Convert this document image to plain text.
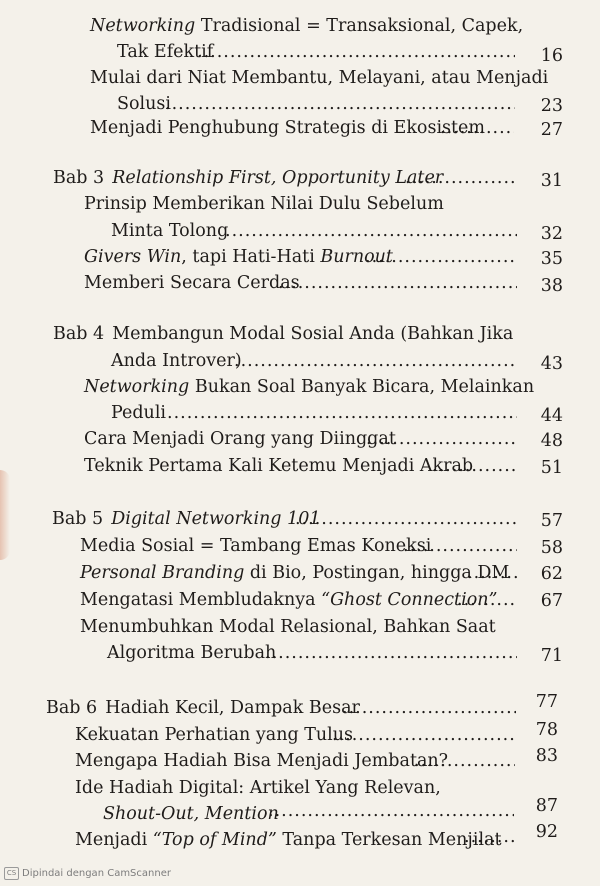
Networking Tradisional = Transaksional, Capek,
Tak Efektif .....	16
Mulai dari Niat Membantu, Melayani, atau Menjadi
Solusi .....	23
Menjadi Penghubung Strategis di Ekosistem .....	27
Bab 3 Relationship First, Opportunity Later .....	31
Prinsip Memberikan Nilai Dulu Sebelum
Minta Tolong .....	32
Givers Win, tapi Hati-Hati Burnout .....	35
Memberi Secara Cerdas .....	38
Bab 4 Membangun Modal Sosial Anda (Bahkan Jika
Anda Introver) .....	43
Networking Bukan Soal Banyak Bicara, Melainkan
Peduli .....	44
Cara Menjadi Orang yang Diinggat .....	48
Teknik Pertama Kali Ketemu Menjadi Akrab .....	51
Bab 5 Digital Networking 101 .....	57
Media Sosial = Tambang Emas Koneksi .....	58
Personal Branding di Bio, Postingan, hingga DM .....	62
Mengatasi Membludaknya “Ghost Connection” .....	67
Menumbuhkan Modal Relasional, Bahkan Saat
Algoritma Berubah .....	71
Bab 6 Hadiah Kecil, Dampak Besar .....	77
Kekuatan Perhatian yang Tulus .....	78
Mengapa Hadiah Bisa Menjadi Jembatan? .....	83
Ide Hadiah Digital: Artikel Yang Relevan,
Shout-Out, Mention .....	87
Menjadi “Top of Mind” Tanpa Terkesan Menjilat .....	92
CS Dipindai dengan CamScanner
